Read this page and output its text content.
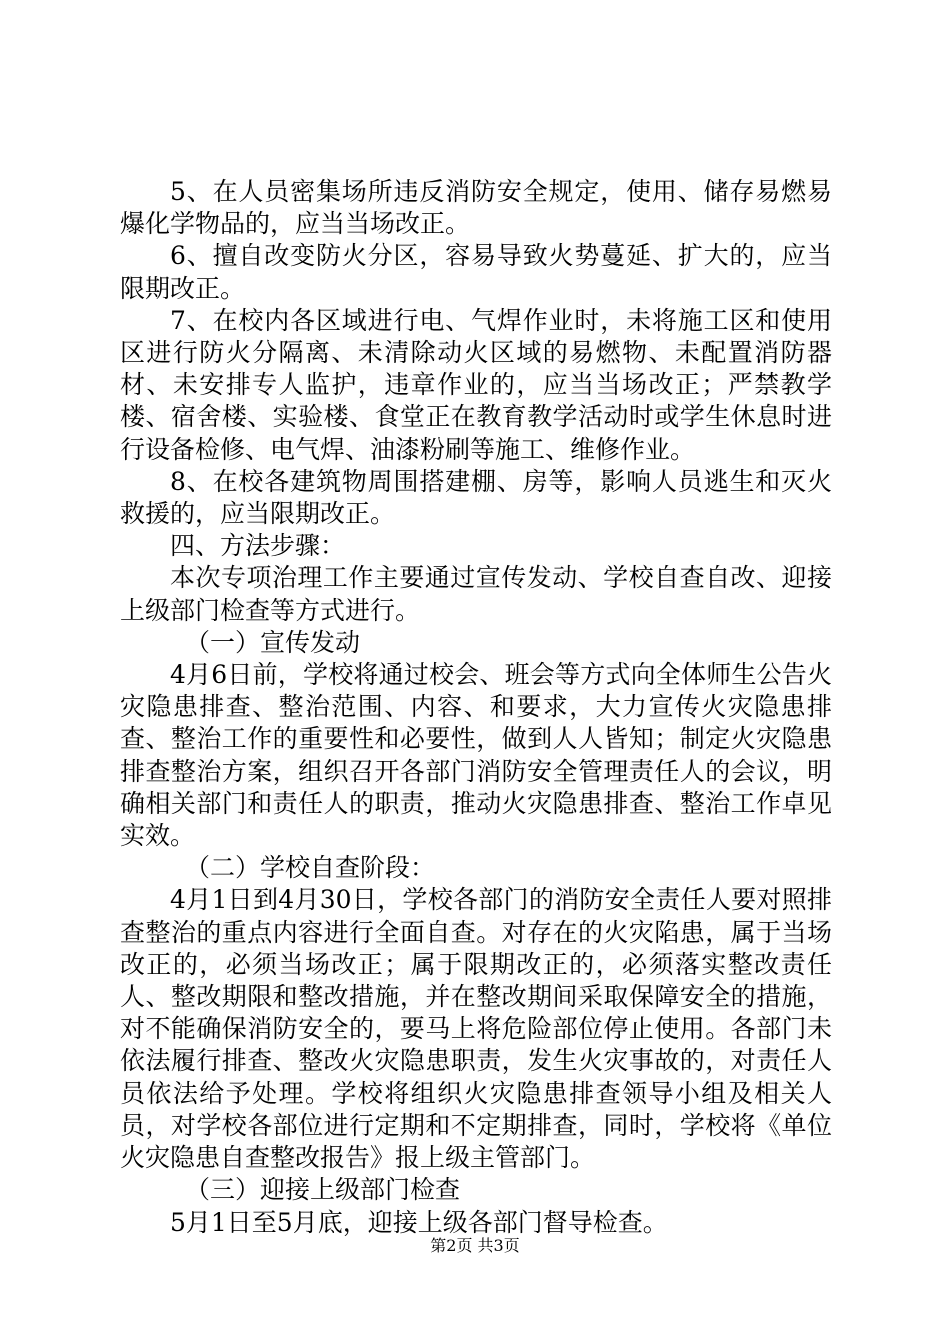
5、在人员密集场所违反消防安全规定，使用、储存易燃易爆化学物品的，应当当场改正。

6、擅自改变防火分区，容易导致火势蔓延、扩大的，应当限期改正。

7、在校内各区域进行电、气焊作业时，未将施工区和使用区进行防火分隔离、未清除动火区域的易燃物、未配置消防器材、未安排专人监护，违章作业的，应当当场改正；严禁教学楼、宿舍楼、实验楼、食堂正在教育教学活动时或学生休息时进行设备检修、电气焊、油漆粉刷等施工、维修作业。

8、在校各建筑物周围搭建棚、房等，影响人员逃生和灭火救援的，应当限期改正。

四、方法步骤：

本次专项治理工作主要通过宣传发动、学校自查自改、迎接上级部门检查等方式进行。

（一）宣传发动

4月6日前，学校将通过校会、班会等方式向全体师生公告火灾隐患排查、整治范围、内容、和要求，大力宣传火灾隐患排查、整治工作的重要性和必要性，做到人人皆知；制定火灾隐患排查整治方案，组织召开各部门消防安全管理责任人的会议，明确相关部门和责任人的职责，推动火灾隐患排查、整治工作卓见实效。

（二）学校自查阶段：

4月1日到4月30日，学校各部门的消防安全责任人要对照排查整治的重点内容进行全面自查。对存在的火灾陷患，属于当场改正的，必须当场改正；属于限期改正的，必须落实整改责任人、整改期限和整改措施，并在整改期间采取保障安全的措施，对不能确保消防安全的，要马上将危险部位停止使用。各部门未依法履行排查、整改火灾隐患职责，发生火灾事故的，对责任人员依法给予处理。学校将组织火灾隐患排查领导小组及相关人员，对学校各部位进行定期和不定期排查，同时，学校将《单位火灾隐患自查整改报告》报上级主管部门。

（三）迎接上级部门检查

5月1日至5月底，迎接上级各部门督导检查。

第2页 共3页
